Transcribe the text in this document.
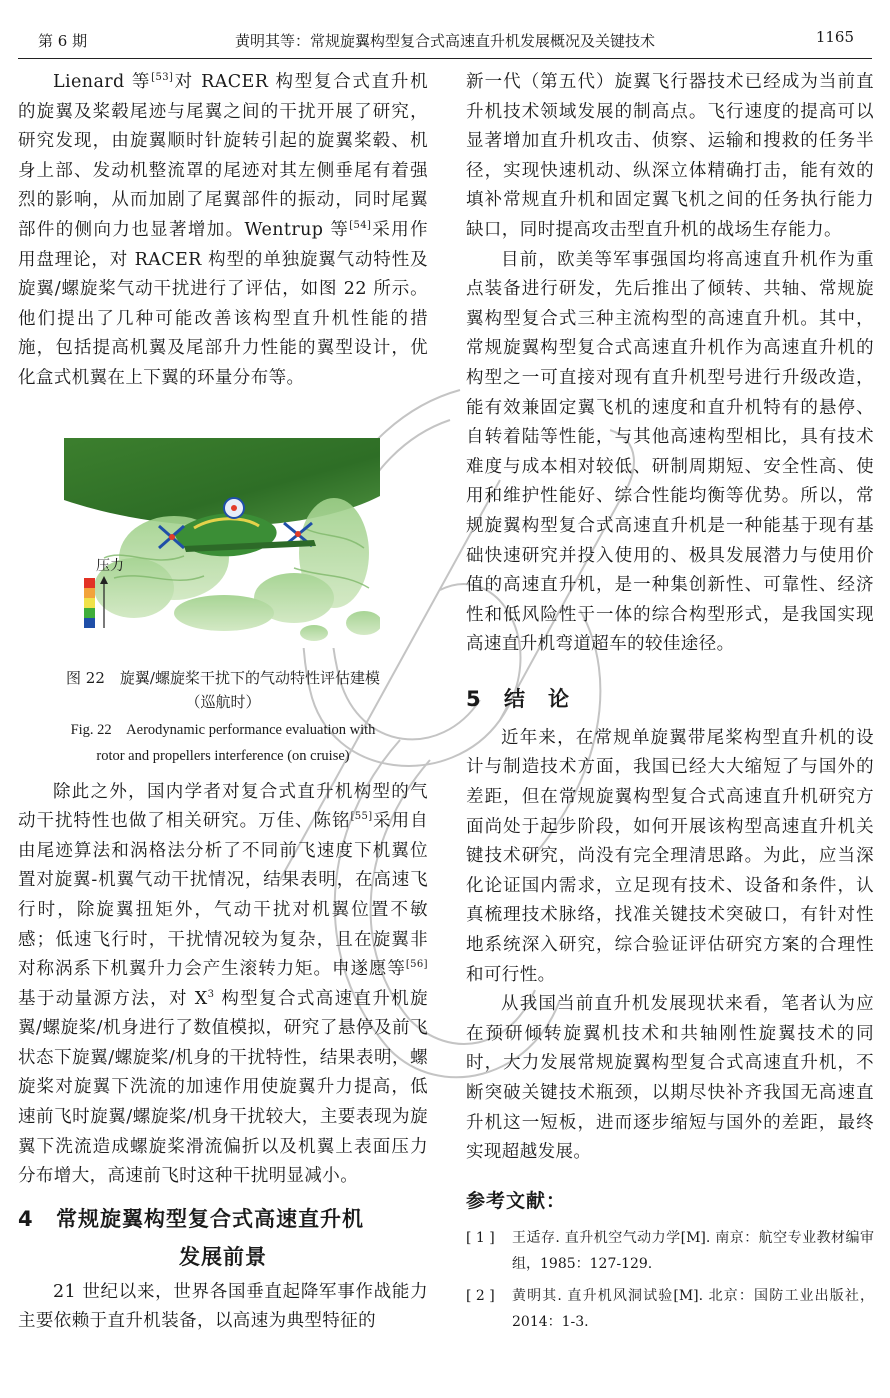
第 6 期	黄明其等：常规旋翼构型复合式高速直升机发展概况及关键技术	1165

Lienard 等[53]对 RACER 构型复合式直升机的旋翼及桨毂尾迹与尾翼之间的干扰开展了研究，研究发现，由旋翼顺时针旋转引起的旋翼桨毂、机身上部、发动机整流罩的尾迹对其左侧垂尾有着强烈的影响，从而加剧了尾翼部件的振动，同时尾翼部件的侧向力也显著增加。Wentrup 等[54]采用作用盘理论，对 RACER 构型的单独旋翼气动特性及旋翼/螺旋桨气动干扰进行了评估，如图 22 所示。他们提出了几种可能改善该构型直升机性能的措施，包括提高机翼及尾部升力性能的翼型设计，优化盒式机翼在上下翼的环量分布等。

压力
图 22　旋翼/螺旋桨干扰下的气动特性评估建模
（巡航时）
Fig. 22　Aerodynamic performance evaluation with
rotor and propellers interference (on cruise)

除此之外，国内学者对复合式直升机构型的气动干扰特性也做了相关研究。万佳、陈铭[55]采用自由尾迹算法和涡格法分析了不同前飞速度下机翼位置对旋翼-机翼气动干扰情况，结果表明，在高速飞行时，除旋翼扭矩外，气动干扰对机翼位置不敏感；低速飞行时，干扰情况较为复杂，且在旋翼非对称涡系下机翼升力会产生滚转力矩。申遂愿等[56]基于动量源方法，对 $X^3$ 构型复合式高速直升机旋翼/螺旋桨/机身进行了数值模拟，研究了悬停及前飞状态下旋翼/螺旋桨/机身的干扰特性，结果表明，螺旋桨对旋翼下洗流的加速作用使旋翼升力提高，低速前飞时旋翼/螺旋桨/机身干扰较大，主要表现为旋翼下洗流造成螺旋桨滑流偏折以及机翼上表面压力分布增大，高速前飞时这种干扰明显减小。

4 常规旋翼构型复合式高速直升机
发展前景

21 世纪以来，世界各国垂直起降军事作战能力主要依赖于直升机装备，以高速为典型特征的

新一代（第五代）旋翼飞行器技术已经成为当前直升机技术领域发展的制高点。飞行速度的提高可以显著增加直升机攻击、侦察、运输和搜救的任务半径，实现快速机动、纵深立体精确打击，能有效的填补常规直升机和固定翼飞机之间的任务执行能力缺口，同时提高攻击型直升机的战场生存能力。

目前，欧美等军事强国均将高速直升机作为重点装备进行研发，先后推出了倾转、共轴、常规旋翼构型复合式三种主流构型的高速直升机。其中，常规旋翼构型复合式高速直升机作为高速直升机的构型之一可直接对现有直升机型号进行升级改造，能有效兼固定翼飞机的速度和直升机特有的悬停、自转着陆等性能，与其他高速构型相比，具有技术难度与成本相对较低、研制周期短、安全性高、使用和维护性能好、综合性能均衡等优势。所以，常规旋翼构型复合式高速直升机是一种能基于现有基础快速研究并投入使用的、极具发展潜力与使用价值的高速直升机，是一种集创新性、可靠性、经济性和低风险性于一体的综合构型形式，是我国实现高速直升机弯道超车的较佳途径。

5 结　论

近年来，在常规单旋翼带尾桨构型直升机的设计与制造技术方面，我国已经大大缩短了与国外的差距，但在常规旋翼构型复合式高速直升机研究方面尚处于起步阶段，如何开展该构型高速直升机关键技术研究，尚没有完全理清思路。为此，应当深化论证国内需求，立足现有技术、设备和条件，认真梳理技术脉络，找准关键技术突破口，有针对性地系统深入研究，综合验证评估研究方案的合理性和可行性。

从我国当前直升机发展现状来看，笔者认为应在预研倾转旋翼机技术和共轴刚性旋翼技术的同时，大力发展常规旋翼构型复合式高速直升机，不断突破关键技术瓶颈，以期尽快补齐我国无高速直升机这一短板，进而逐步缩短与国外的差距，最终实现超越发展。

参考文献：
[ 1 ]	王适存. 直升机空气动力学[M]. 南京：航空专业教材编审组，1985：127-129.
[ 2 ]	黄明其. 直升机风洞试验[M]. 北京：国防工业出版社，2014：1-3.
